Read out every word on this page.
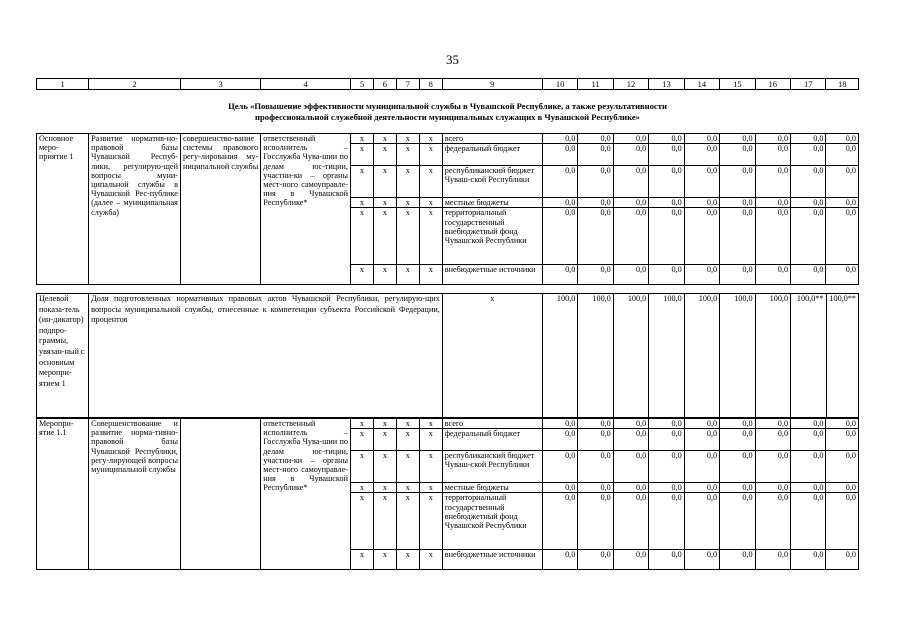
35
1	2	3	4	5	6	7	8	9	10	11	12	13	14	15	16	17	18
Цель «Повышение эффективности муниципальной службы в Чувашской Республике, а также результативности
профессиональной служебной деятельности муниципальных служащих в Чувашской Республике»
Основное меро-приятие 1	Развитие норматив-но-правовой базы Чувашской Респуб-лики, регулирую-щей вопросы муни-ципальной службы в Чувашской Рес-публике (далее – муниципальная служба)	совершенство-вание системы правового регу-лирования му-ниципальной службы	ответственный исполнитель – Госслужба Чува-шии по делам юс-тиции, участни-ки – органы мест-ного самоуправле-ния в Чувашской Республике*	x	x	x	x	всего	0,0	0,0	0,0	0,0	0,0	0,0	0,0	0,0	0,0
				x	x	x	x	федеральный бюджет	0,0	0,0	0,0	0,0	0,0	0,0	0,0	0,0	0,0
				x	x	x	x	республиканский бюджет Чуваш-ской Республики	0,0	0,0	0,0	0,0	0,0	0,0	0,0	0,0	0,0
				x	x	x	x	местные бюджеты	0,0	0,0	0,0	0,0	0,0	0,0	0,0	0,0	0,0
				x	x	x	x	территориальный государственный внебюджетный фонд Чувашской Республики	0,0	0,0	0,0	0,0	0,0	0,0	0,0	0,0	0,0
				x	x	x	x	внебюджетные источники	0,0	0,0	0,0	0,0	0,0	0,0	0,0	0,0	0,0
Целевой показа-тель (ин-дикатор) подпро-граммы, увязан-ный с основным меропри-ятием 1	Доля подготовленных нормативных правовых актов Чувашской Республики, регулирую-щих вопросы муниципальной службы, отнесенные к компетенции субъекта Российской Федерации, процентов	x	100,0	100,0	100,0	100,0	100,0	100,0	100,0	100,0**	100,0**
Меропри-ятие 1.1	Совершенствование и развитие норма-тивно-правовой базы Чувашской Республики, регу-лирующей вопросы муниципальной службы		ответственный исполнитель – Госслужба Чува-шии по делам юс-тиции, участни-ки – органы мест-ного самоуправле-ния в Чувашской Республике*	x	x	x	x	всего	0,0	0,0	0,0	0,0	0,0	0,0	0,0	0,0	0,0
				x	x	x	x	федеральный бюджет	0,0	0,0	0,0	0,0	0,0	0,0	0,0	0,0	0,0
				x	x	x	x	республиканский бюджет Чуваш-ской Республики	0,0	0,0	0,0	0,0	0,0	0,0	0,0	0,0	0,0
				x	x	x	x	местные бюджеты	0,0	0,0	0,0	0,0	0,0	0,0	0,0	0,0	0,0
				x	x	x	x	территориальный государственный внебюджетный фонд Чувашской Республики	0,0	0,0	0,0	0,0	0,0	0,0	0,0	0,0	0,0
				x	x	x	x	внебюджетные источники	0,0	0,0	0,0	0,0	0,0	0,0	0,0	0,0	0,0
